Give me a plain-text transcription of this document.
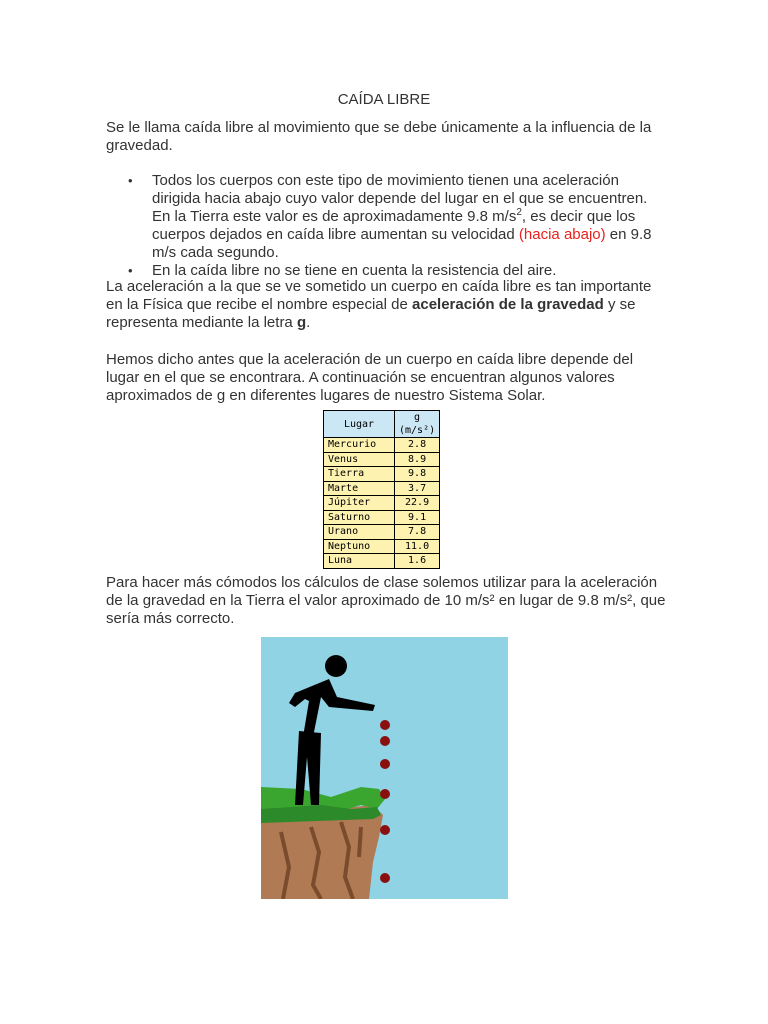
CAÍDA LIBRE

Se le llama caída libre al movimiento que se debe únicamente a la influencia de la gravedad.

• Todos los cuerpos con este tipo de movimiento tienen una aceleración dirigida hacia abajo cuyo valor depende del lugar en el que se encuentren. En la Tierra este valor es de aproximadamente 9.8 $m/s^2$, es decir que los cuerpos dejados en caída libre aumentan su velocidad (hacia abajo) en 9.8 m/s cada segundo.
• En la caída libre no se tiene en cuenta la resistencia del aire.

La aceleración a la que se ve sometido un cuerpo en caída libre es tan importante en la Física que recibe el nombre especial de aceleración de la gravedad y se representa mediante la letra g.

Hemos dicho antes que la aceleración de un cuerpo en caída libre depende del lugar en el que se encontrara. A continuación se encuentran algunos valores aproximados de g en diferentes lugares de nuestro Sistema Solar.

Lugar	g (m/s²)
Mercurio	2.8
Venus	8.9
Tierra	9.8
Marte	3.7
Júpiter	22.9
Saturno	9.1
Urano	7.8
Neptuno	11.0
Luna	1.6

Para hacer más cómodos los cálculos de clase solemos utilizar para la aceleración de la gravedad en la Tierra el valor aproximado de 10 m/s² en lugar de 9.8 m/s², que sería más correcto.
